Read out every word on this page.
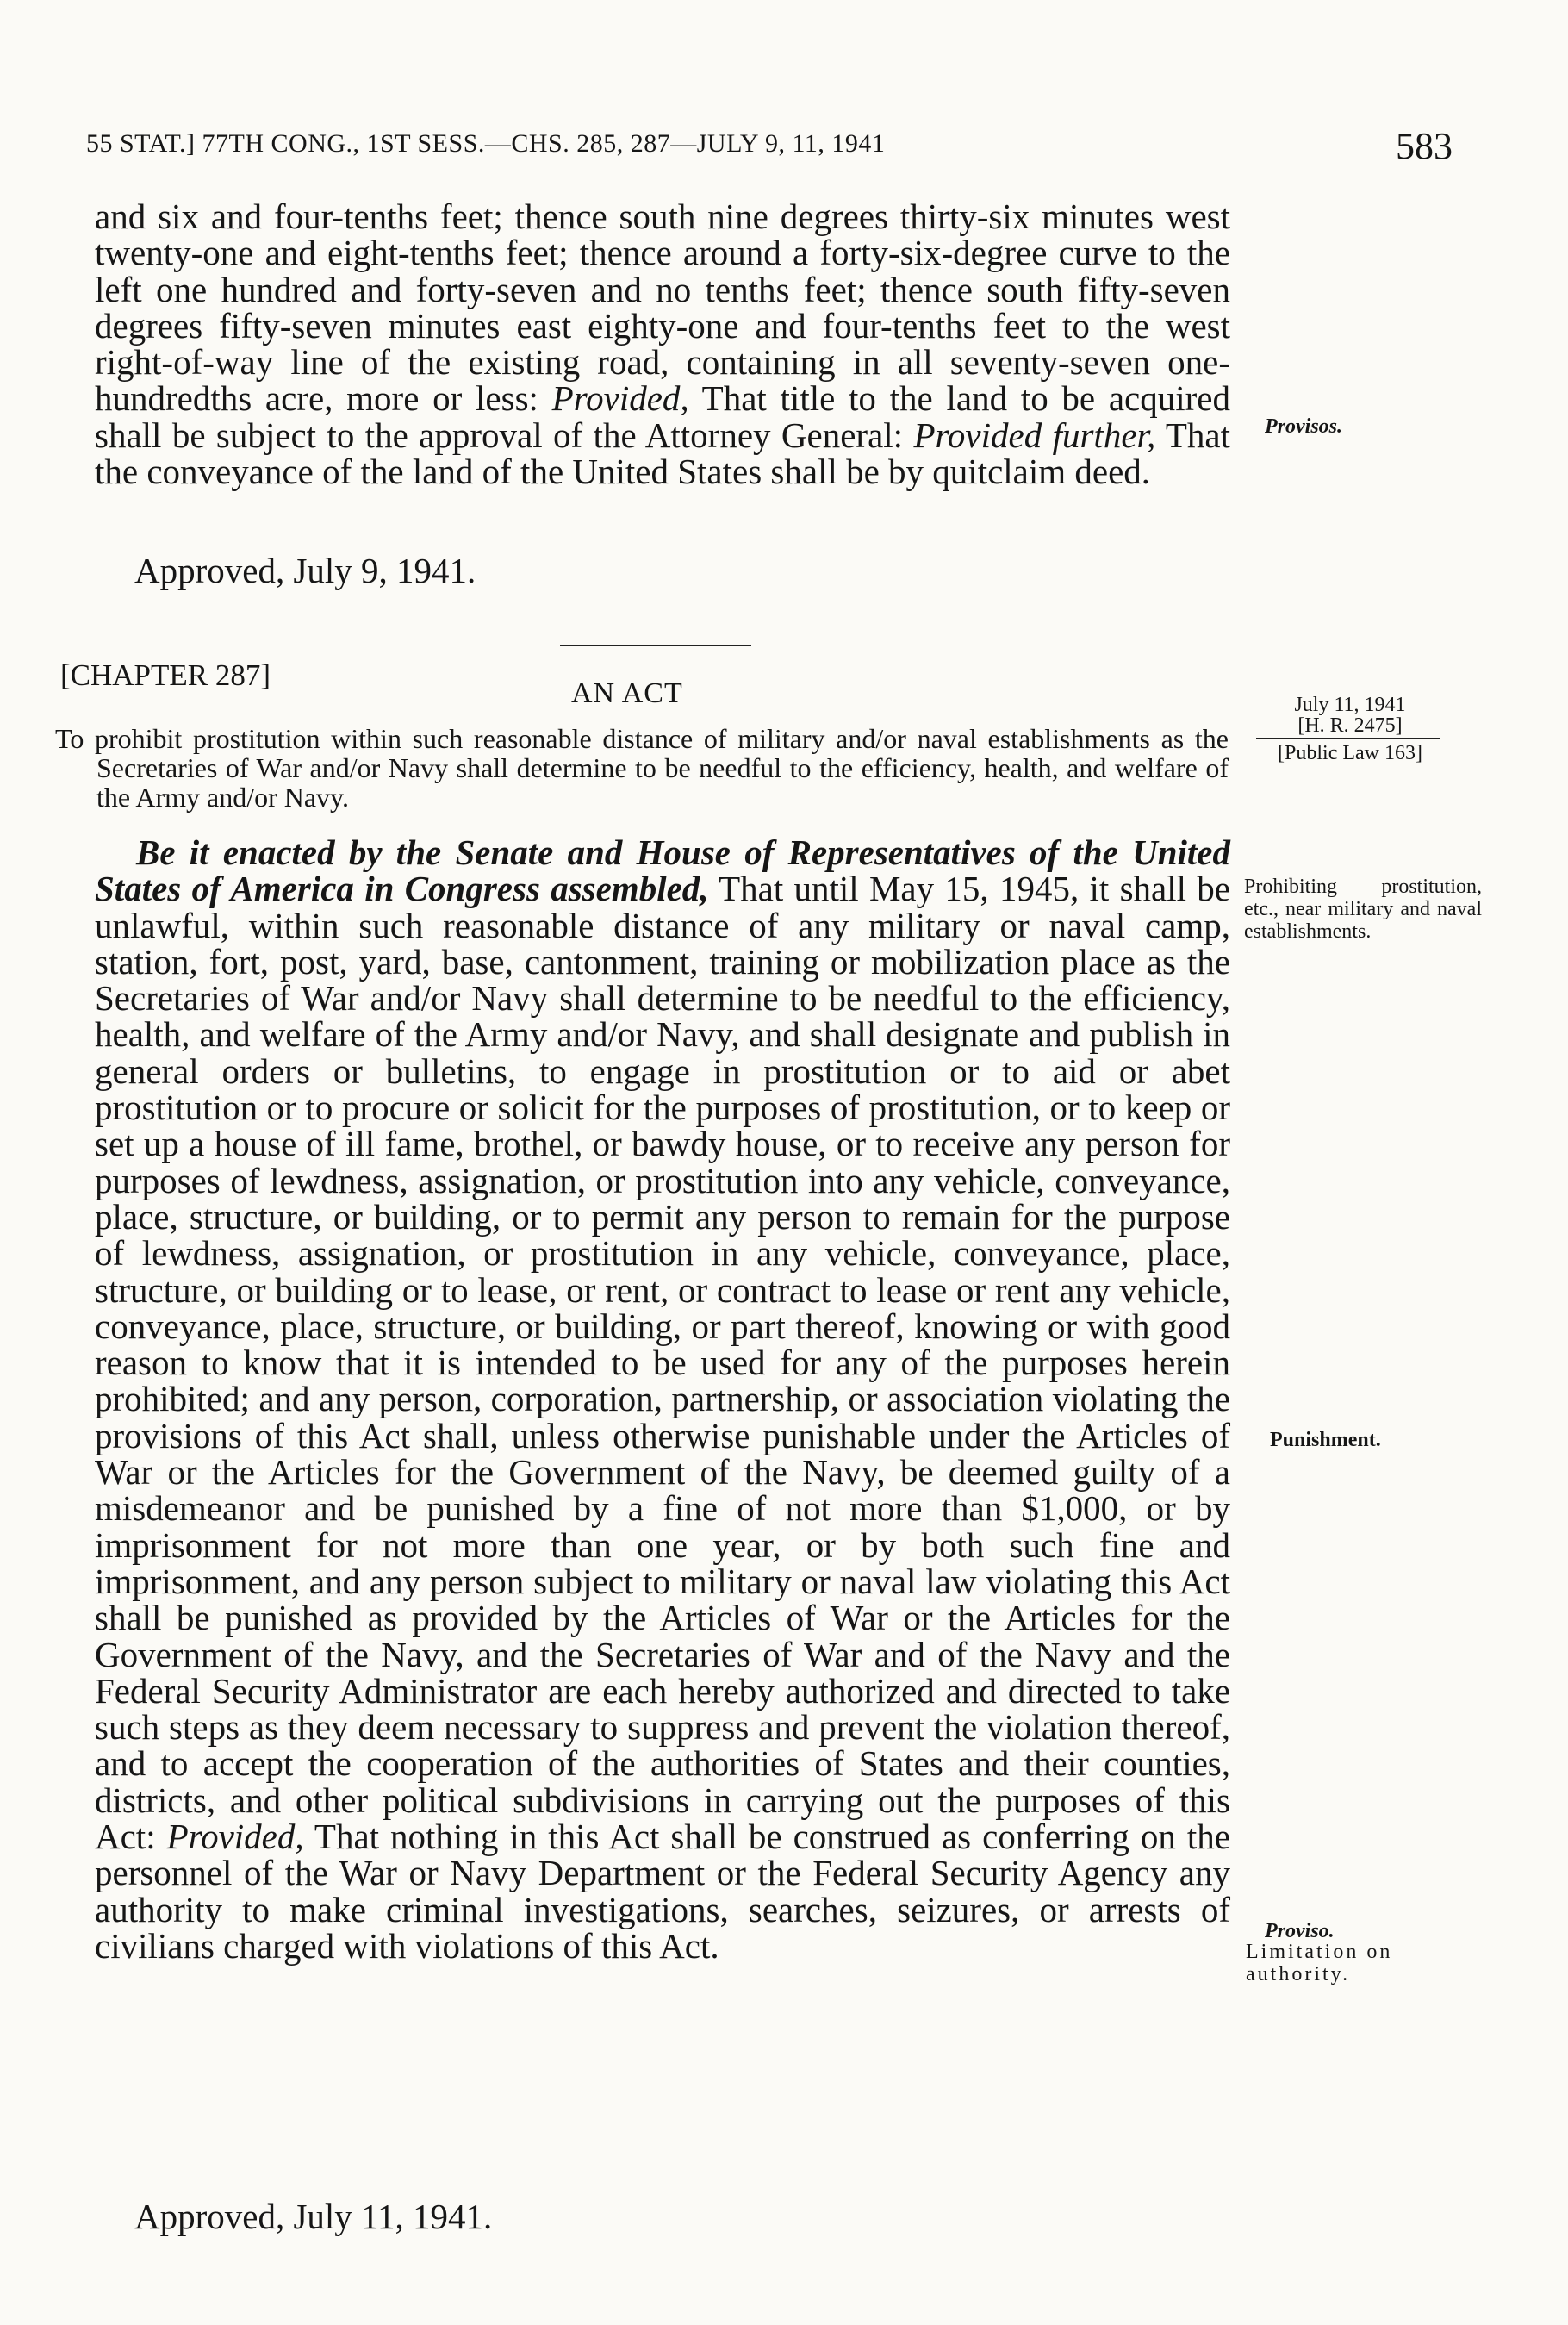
55 STAT.] 77TH CONG., 1ST SESS.—CHS. 285, 287—JULY 9, 11, 1941	583

and six and four-tenths feet; thence south nine degrees thirty-six minutes west twenty-one and eight-tenths feet; thence around a forty-six-degree curve to the left one hundred and forty-seven and no tenths feet; thence south fifty-seven degrees fifty-seven minutes east eighty-one and four-tenths feet to the west right-of-way line of the existing road, containing in all seventy-seven one-hundredths acre, more or less: Provided, That title to the land to be acquired shall be subject to the approval of the Attorney General: Provided further, That the conveyance of the land of the United States shall be by quitclaim deed.

Approved, July 9, 1941.
[CHAPTER 287]
AN ACT

To prohibit prostitution within such reasonable distance of military and/or naval establishments as the Secretaries of War and/or Navy shall determine to be needful to the efficiency, health, and welfare of the Army and/or Navy.

Be it enacted by the Senate and House of Representatives of the United States of America in Congress assembled, That until May 15, 1945, it shall be unlawful, within such reasonable distance of any military or naval camp, station, fort, post, yard, base, cantonment, training or mobilization place as the Secretaries of War and/or Navy shall determine to be needful to the efficiency, health, and welfare of the Army and/or Navy, and shall designate and publish in general orders or bulletins, to engage in prostitution or to aid or abet prostitution or to procure or solicit for the purposes of prostitution, or to keep or set up a house of ill fame, brothel, or bawdy house, or to receive any person for purposes of lewdness, assignation, or prostitution into any vehicle, conveyance, place, structure, or building, or to permit any person to remain for the purpose of lewdness, assignation, or prostitution in any vehicle, conveyance, place, structure, or building or to lease, or rent, or contract to lease or rent any vehicle, conveyance, place, structure, or building, or part thereof, knowing or with good reason to know that it is intended to be used for any of the purposes herein prohibited; and any person, corporation, partnership, or association violating the provisions of this Act shall, unless otherwise punishable under the Articles of War or the Articles for the Government of the Navy, be deemed guilty of a misdemeanor and be punished by a fine of not more than $1,000, or by imprisonment for not more than one year, or by both such fine and imprisonment, and any person subject to military or naval law violating this Act shall be punished as provided by the Articles of War or the Articles for the Government of the Navy, and the Secretaries of War and of the Navy and the Federal Security Administrator are each hereby authorized and directed to take such steps as they deem necessary to suppress and prevent the violation thereof, and to accept the cooperation of the authorities of States and their counties, districts, and other political subdivisions in carrying out the purposes of this Act: Provided, That nothing in this Act shall be construed as conferring on the personnel of the War or Navy Department or the Federal Security Agency any authority to make criminal investigations, searches, seizures, or arrests of civilians charged with violations of this Act.

Approved, July 11, 1941.
Provisos.
July 11, 1941
[H. R. 2475]
[Public Law 163]
Prohibiting prostitution, etc., near military and naval establishments.
Punishment.
Proviso.
Limitation on authority.
